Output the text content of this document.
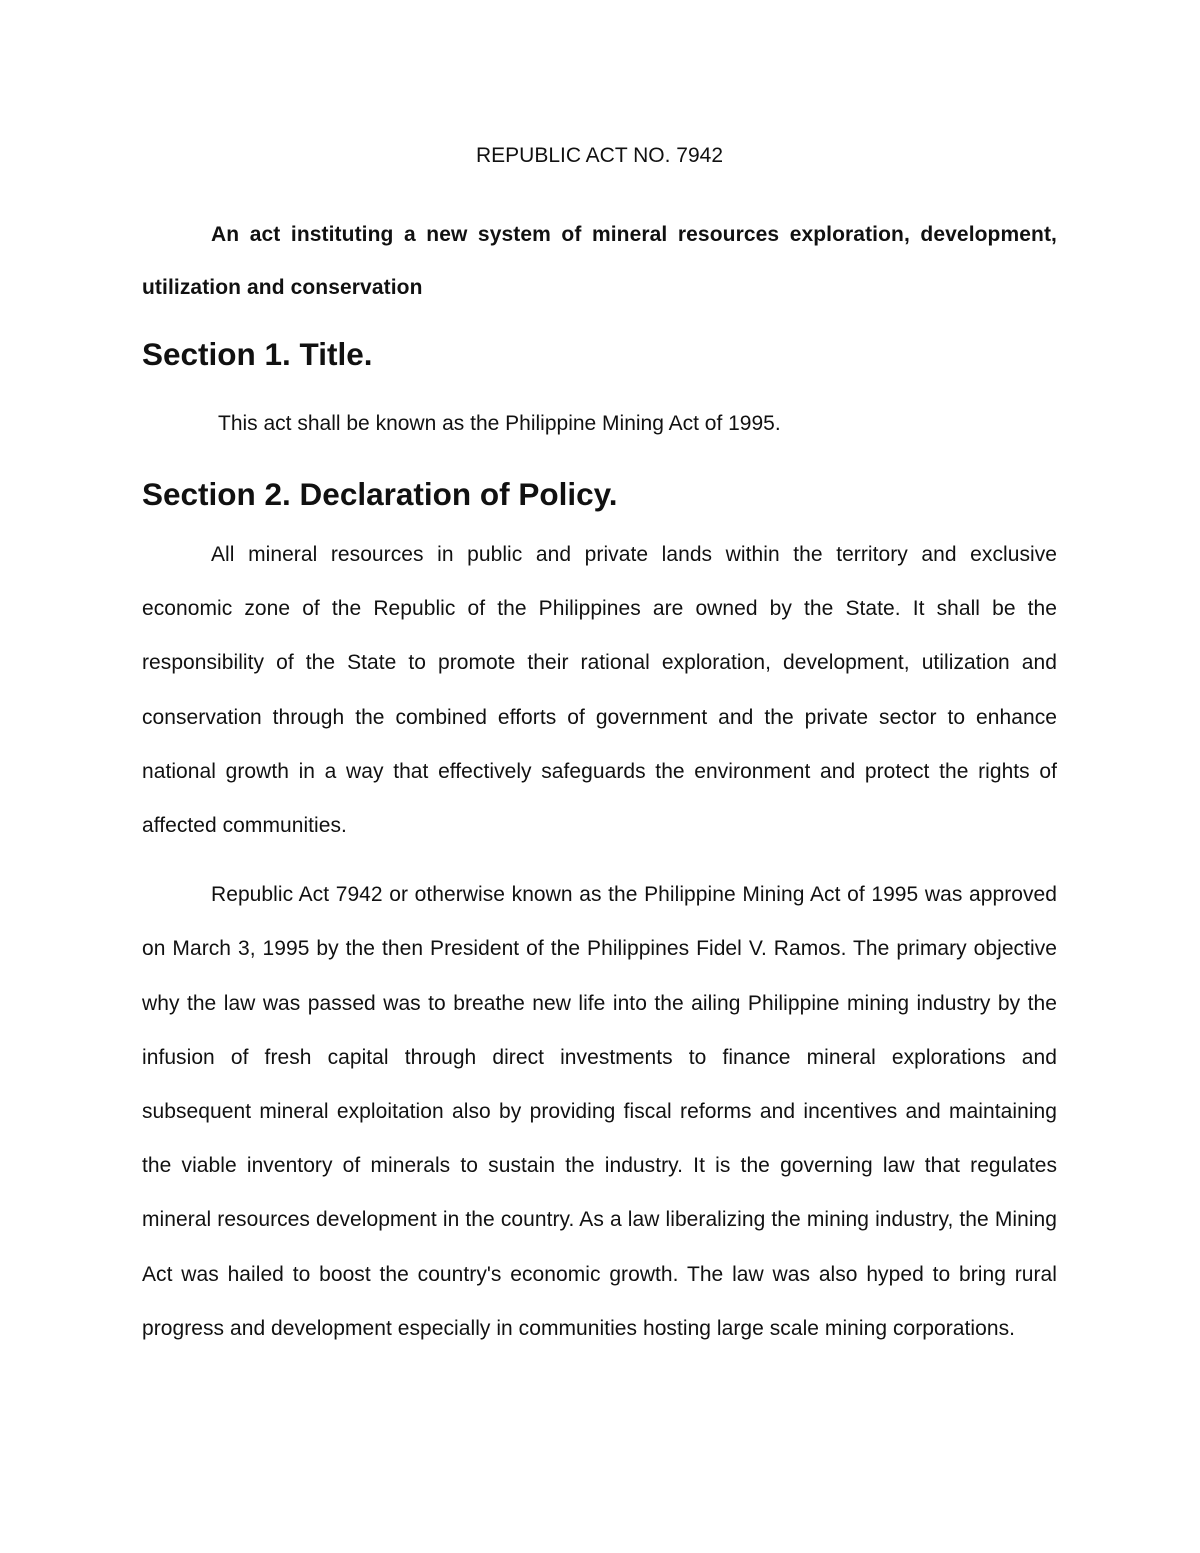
REPUBLIC ACT NO. 7942

An act instituting a new system of mineral resources exploration, development, utilization and conservation

Section 1. Title.

This act shall be known as the Philippine Mining Act of 1995.

Section 2. Declaration of Policy.

All mineral resources in public and private lands within the territory and exclusive economic zone of the Republic of the Philippines are owned by the State. It shall be the responsibility of the State to promote their rational exploration, development, utilization and conservation through the combined efforts of government and the private sector to enhance national growth in a way that effectively safeguards the environment and protect the rights of affected communities.

Republic Act 7942 or otherwise known as the Philippine Mining Act of 1995 was approved on March 3, 1995 by the then President of the Philippines Fidel V. Ramos. The primary objective why the law was passed was to breathe new life into the ailing Philippine mining industry by the infusion of fresh capital through direct investments to finance mineral explorations and subsequent mineral exploitation also by providing fiscal reforms and incentives and maintaining the viable inventory of minerals to sustain the industry. It is the governing law that regulates mineral resources development in the country. As a law liberalizing the mining industry, the Mining Act was hailed to boost the country's economic growth. The law was also hyped to bring rural progress and development especially in communities hosting large scale mining corporations.
